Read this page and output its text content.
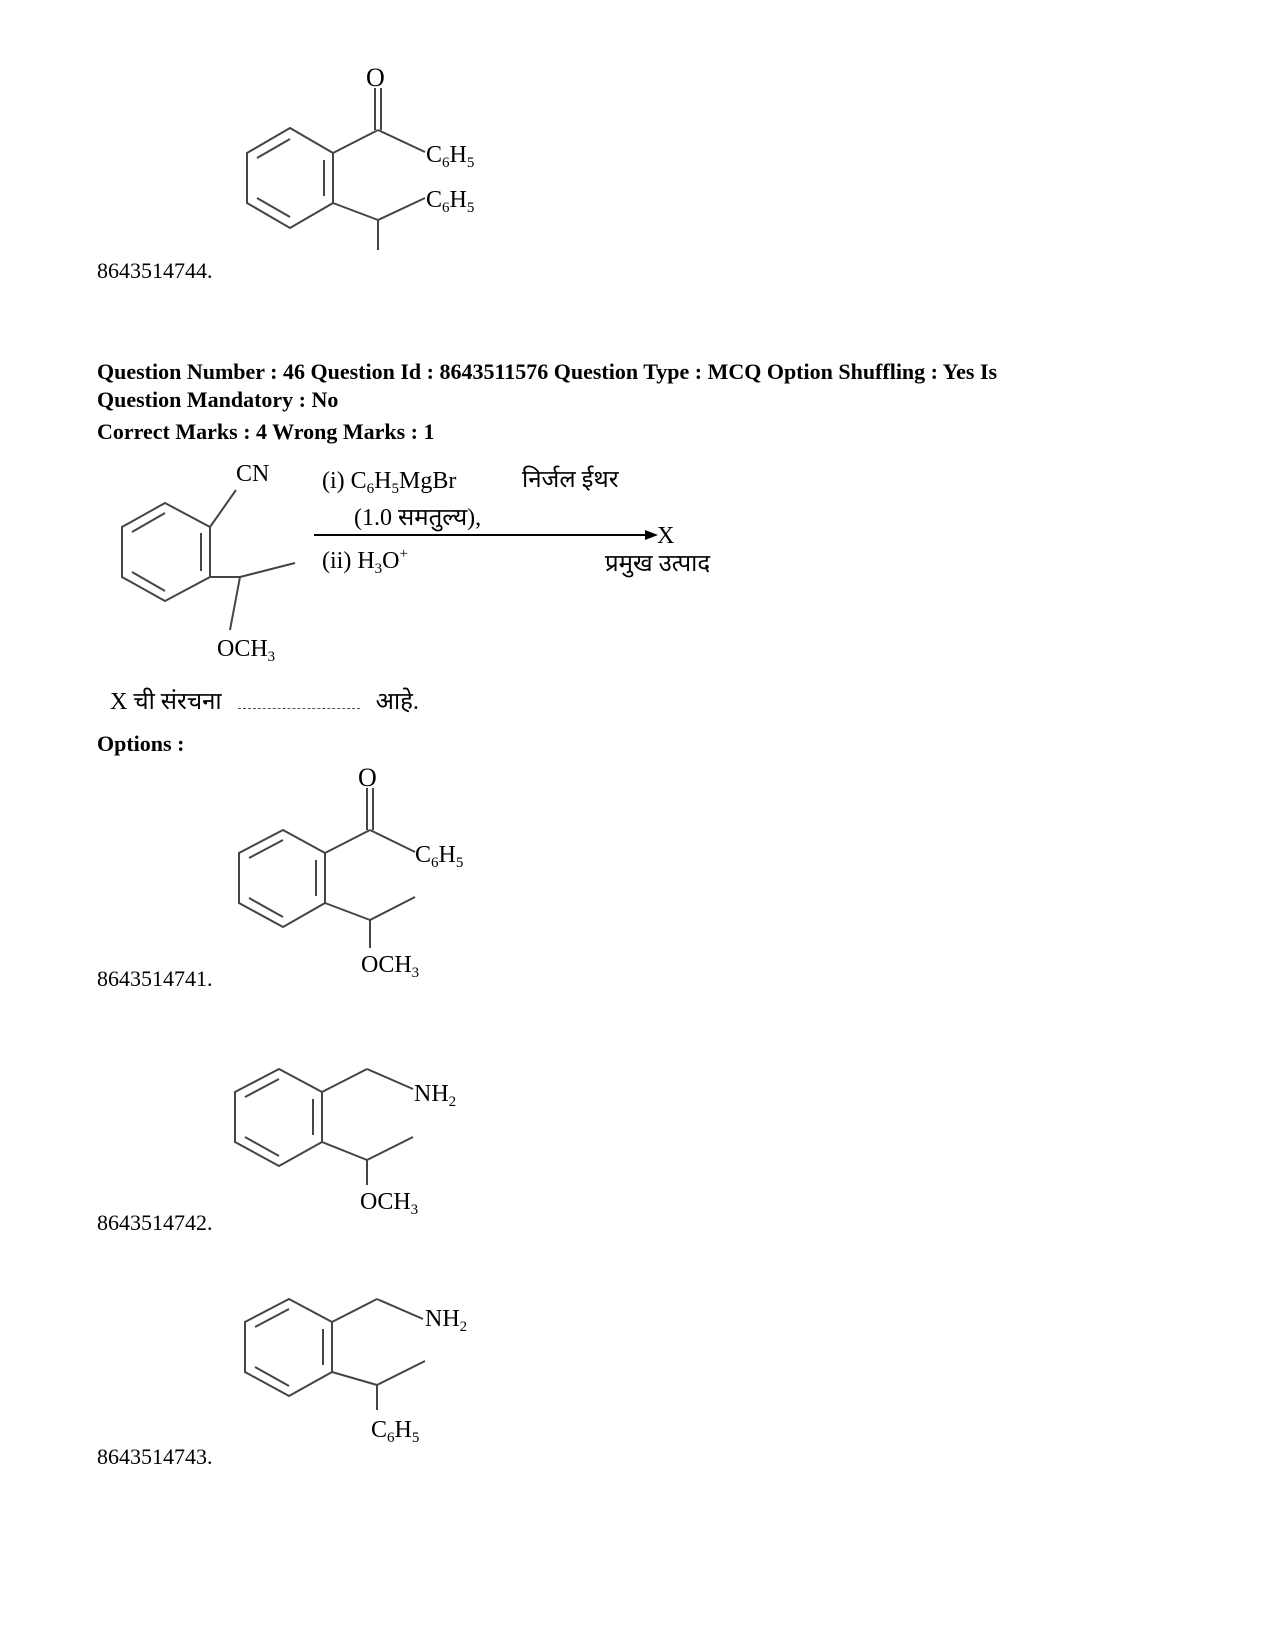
O
$C_6H_5$
$C_6H_5$
8643514744.
Question Number : 46 Question Id : 8643511576 Question Type : MCQ Option Shuffling : Yes Is
Question Mandatory : No
Correct Marks : 4 Wrong Marks : 1
CN
$OCH_3$
(i) $C_6H_5MgBr$
(1.0 समतुल्य),
निर्जल ईथर
(ii) $H_3O^+$
X
प्रमुख उत्पाद
X ची संरचना	आहे.
Options :
O
$C_6H_5$
$OCH_3$
8643514741.
$NH_2$
$OCH_3$
8643514742.
$NH_2$
$C_6H_5$
8643514743.
